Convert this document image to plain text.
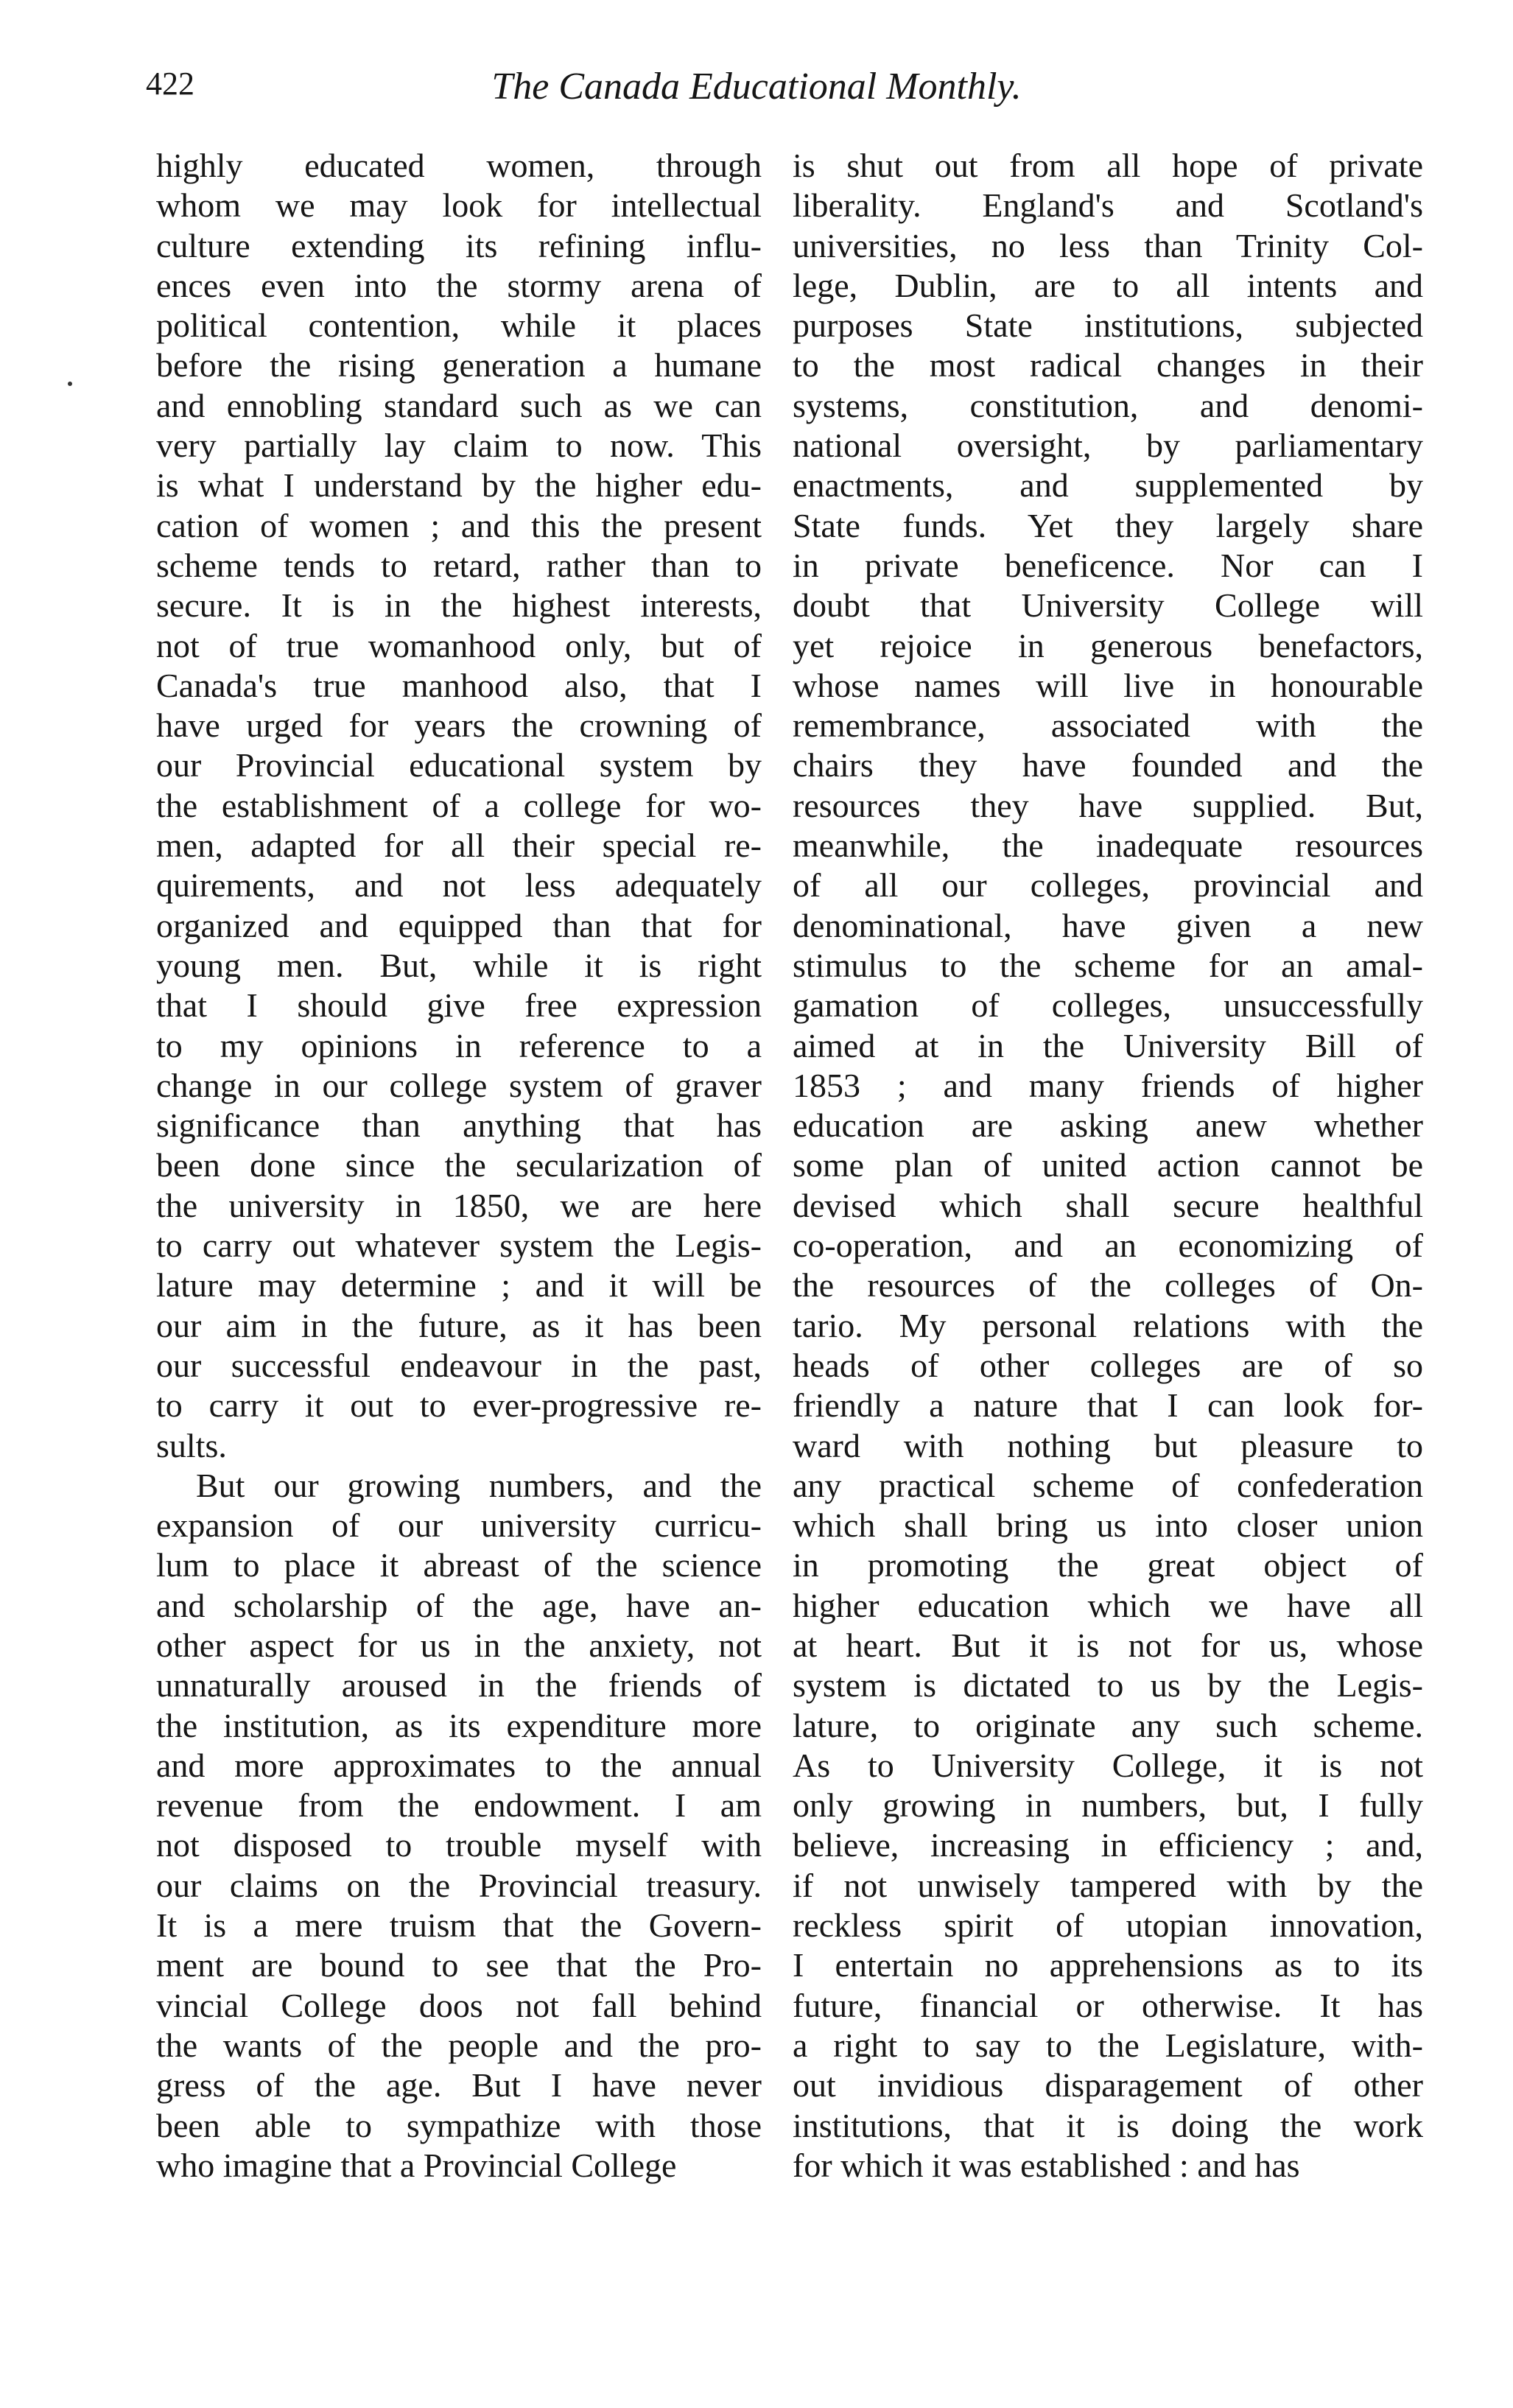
422	The Canada Educational Monthly.
highly educated women, through
whom we may look for intellectual
culture extending its refining influ-
ences even into the stormy arena of
political contention, while it places
before the rising generation a humane
and ennobling standard such as we can
very partially lay claim to now. This
is what I understand by the higher edu-
cation of women ; and this the present
scheme tends to retard, rather than to
secure. It is in the highest interests,
not of true womanhood only, but of
Canada's true manhood also, that I
have urged for years the crowning of
our Provincial educational system by
the establishment of a college for wo-
men, adapted for all their special re-
quirements, and not less adequately
organized and equipped than that for
young men. But, while it is right
that I should give free expression
to my opinions in reference to a
change in our college system of graver
significance than anything that has
been done since the secularization of
the university in 1850, we are here
to carry out whatever system the Legis-
lature may determine ; and it will be
our aim in the future, as it has been
our successful endeavour in the past,
to carry it out to ever-progressive re-
sults.
But our growing numbers, and the
expansion of our university curricu-
lum to place it abreast of the science
and scholarship of the age, have an-
other aspect for us in the anxiety, not
unnaturally aroused in the friends of
the institution, as its expenditure more
and more approximates to the annual
revenue from the endowment. I am
not disposed to trouble myself with
our claims on the Provincial treasury.
It is a mere truism that the Govern-
ment are bound to see that the Pro-
vincial College doos not fall behind
the wants of the people and the pro-
gress of the age. But I have never
been able to sympathize with those
who imagine that a Provincial College
is shut out from all hope of private
liberality. England's and Scotland's
universities, no less than Trinity Col-
lege, Dublin, are to all intents and
purposes State institutions, subjected
to the most radical changes in their
systems, constitution, and denomi-
national oversight, by parliamentary
enactments, and supplemented by
State funds. Yet they largely share
in private beneficence. Nor can I
doubt that University College will
yet rejoice in generous benefactors,
whose names will live in honourable
remembrance, associated with the
chairs they have founded and the
resources they have supplied. But,
meanwhile, the inadequate resources
of all our colleges, provincial and
denominational, have given a new
stimulus to the scheme for an amal-
gamation of colleges, unsuccessfully
aimed at in the University Bill of
1853 ; and many friends of higher
education are asking anew whether
some plan of united action cannot be
devised which shall secure healthful
co-operation, and an economizing of
the resources of the colleges of On-
tario. My personal relations with the
heads of other colleges are of so
friendly a nature that I can look for-
ward with nothing but pleasure to
any practical scheme of confederation
which shall bring us into closer union
in promoting the great object of
higher education which we have all
at heart. But it is not for us, whose
system is dictated to us by the Legis-
lature, to originate any such scheme.
As to University College, it is not
only growing in numbers, but, I fully
believe, increasing in efficiency ; and,
if not unwisely tampered with by the
reckless spirit of utopian innovation,
I entertain no apprehensions as to its
future, financial or otherwise. It has
a right to say to the Legislature, with-
out invidious disparagement of other
institutions, that it is doing the work
for which it was established : and has
